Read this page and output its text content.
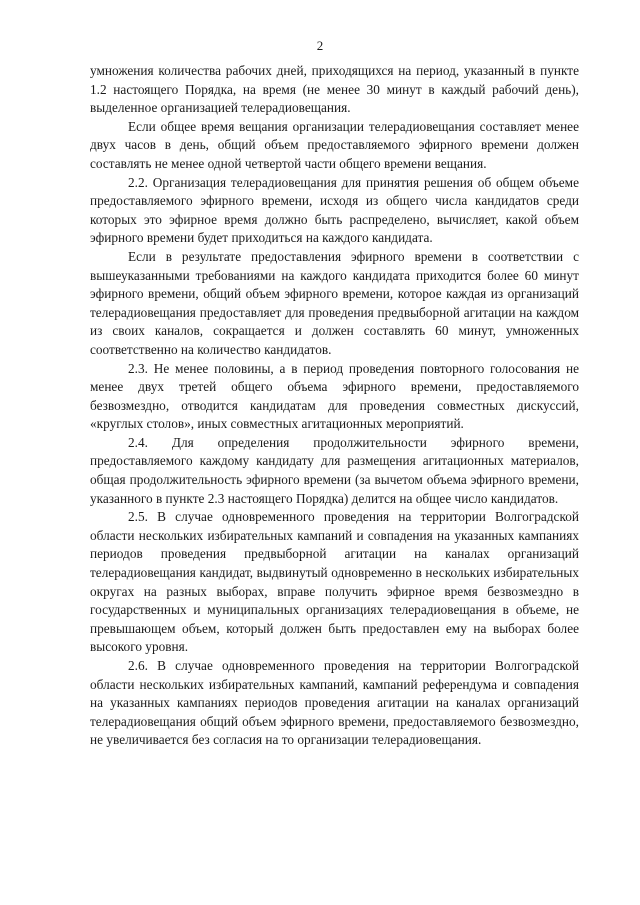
2

умножения количества рабочих дней, приходящихся на период, указанный в пункте 1.2 настоящего Порядка, на время (не менее 30 минут в каждый рабочий день), выделенное организацией телерадиовещания.

Если общее время вещания организации телерадиовещания составляет менее двух часов в день, общий объем предоставляемого эфирного времени должен составлять не менее одной четвертой части общего времени вещания.

2.2. Организация телерадиовещания для принятия решения об общем объеме предоставляемого эфирного времени, исходя из общего числа кандидатов среди которых это эфирное время должно быть распределено, вычисляет, какой объем эфирного времени будет приходиться на каждого кандидата.

Если в результате предоставления эфирного времени в соответствии с вышеуказанными требованиями на каждого кандидата приходится более 60 минут эфирного времени, общий объем эфирного времени, которое каждая из организаций телерадиовещания предоставляет для проведения предвыборной агитации на каждом из своих каналов, сокращается и должен составлять 60 минут, умноженных соответственно на количество кандидатов.

2.3. Не менее половины, а в период проведения повторного голосования не менее двух третей общего объема эфирного времени, предоставляемого безвозмездно, отводится кандидатам для проведения совместных дискуссий, «круглых столов», иных совместных агитационных мероприятий.

2.4. Для определения продолжительности эфирного времени, предоставляемого каждому кандидату для размещения агитационных материалов, общая продолжительность эфирного времени (за вычетом объема эфирного времени, указанного в пункте 2.3 настоящего Порядка) делится на общее число кандидатов.

2.5. В случае одновременного проведения на территории Волгоградской области нескольких избирательных кампаний и совпадения на указанных кампаниях периодов проведения предвыборной агитации на каналах организаций телерадиовещания кандидат, выдвинутый одновременно в нескольких избирательных округах на разных выборах, вправе получить эфирное время безвозмездно в государственных и муниципальных организациях телерадиовещания в объеме, не превышающем объем, который должен быть предоставлен ему на выборах более высокого уровня.

2.6. В случае одновременного проведения на территории Волгоградской области нескольких избирательных кампаний, кампаний референдума и совпадения на указанных кампаниях периодов проведения агитации на каналах организаций телерадиовещания общий объем эфирного времени, предоставляемого безвозмездно, не увеличивается без согласия на то организации телерадиовещания.
